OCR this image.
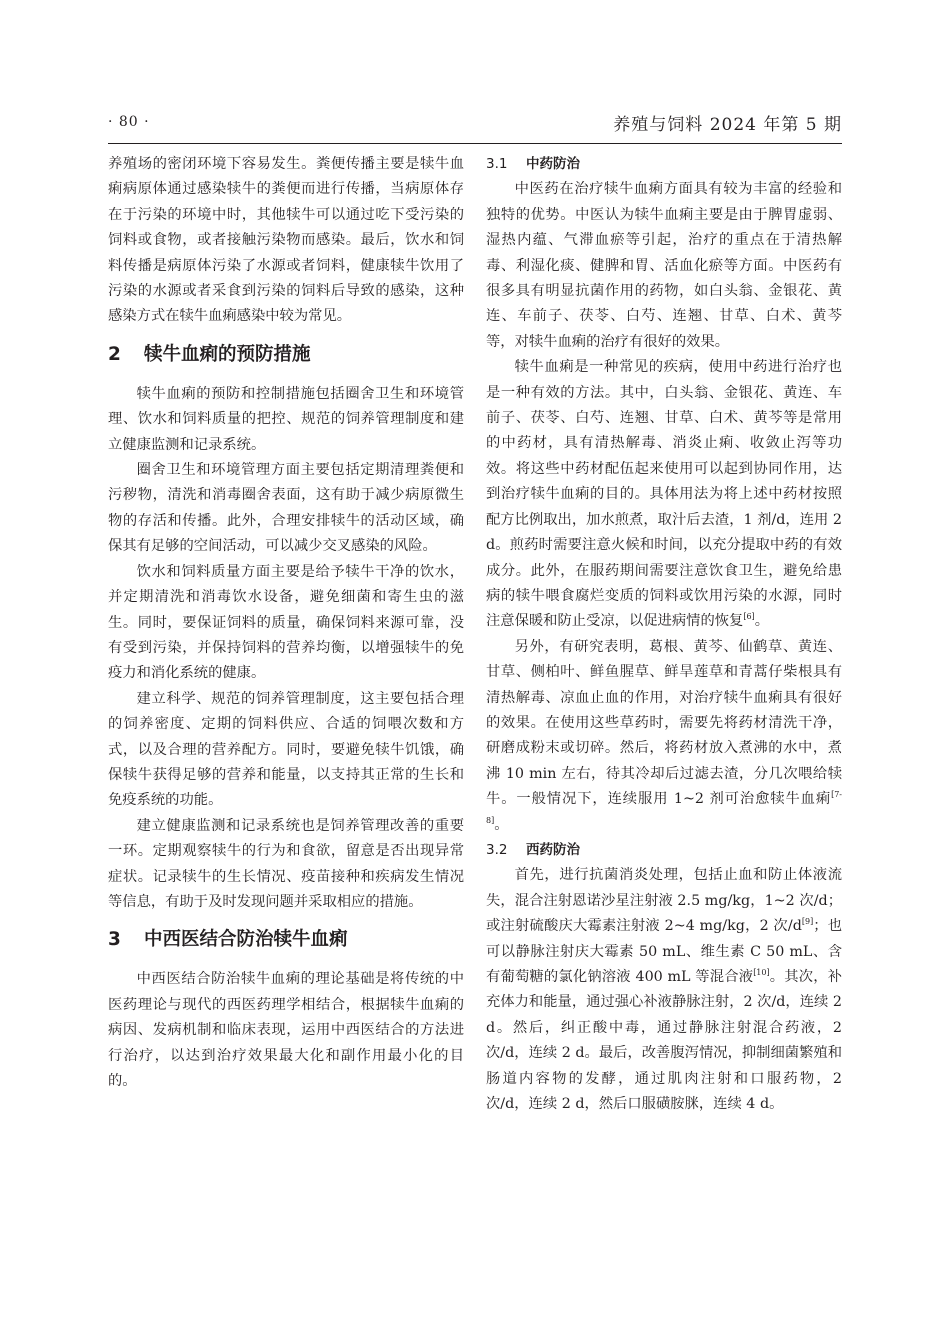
· 80 ·	养殖与饲料 2024 年第 5 期

养殖场的密闭环境下容易发生。粪便传播主要是犊牛血痢病原体通过感染犊牛的粪便而进行传播，当病原体存在于污染的环境中时，其他犊牛可以通过吃下受污染的饲料或食物，或者接触污染物而感染。最后，饮水和饲料传播是病原体污染了水源或者饲料，健康犊牛饮用了污染的水源或者采食到污染的饲料后导致的感染，这种感染方式在犊牛血痢感染中较为常见。

2 犊牛血痢的预防措施

犊牛血痢的预防和控制措施包括圈舍卫生和环境管理、饮水和饲料质量的把控、规范的饲养管理制度和建立健康监测和记录系统。

圈舍卫生和环境管理方面主要包括定期清理粪便和污秽物，清洗和消毒圈舍表面，这有助于减少病原微生物的存活和传播。此外，合理安排犊牛的活动区域，确保其有足够的空间活动，可以减少交叉感染的风险。

饮水和饲料质量方面主要是给予犊牛干净的饮水，并定期清洗和消毒饮水设备，避免细菌和寄生虫的滋生。同时，要保证饲料的质量，确保饲料来源可靠，没有受到污染，并保持饲料的营养均衡，以增强犊牛的免疫力和消化系统的健康。

建立科学、规范的饲养管理制度，这主要包括合理的饲养密度、定期的饲料供应、合适的饲喂次数和方式，以及合理的营养配方。同时，要避免犊牛饥饿，确保犊牛获得足够的营养和能量，以支持其正常的生长和免疫系统的功能。

建立健康监测和记录系统也是饲养管理改善的重要一环。定期观察犊牛的行为和食欲，留意是否出现异常症状。记录犊牛的生长情况、疫苗接种和疾病发生情况等信息，有助于及时发现问题并采取相应的措施。

3 中西医结合防治犊牛血痢

中西医结合防治犊牛血痢的理论基础是将传统的中医药理论与现代的西医药理学相结合，根据犊牛血痢的病因、发病机制和临床表现，运用中西医结合的方法进行治疗，以达到治疗效果最大化和副作用最小化的目的。

3.1 中药防治

中医药在治疗犊牛血痢方面具有较为丰富的经验和独特的优势。中医认为犊牛血痢主要是由于脾胃虚弱、湿热内蕴、气滞血瘀等引起，治疗的重点在于清热解毒、利湿化痰、健脾和胃、活血化瘀等方面。中医药有很多具有明显抗菌作用的药物，如白头翁、金银花、黄连、车前子、茯苓、白芍、连翘、甘草、白术、黄芩等，对犊牛血痢的治疗有很好的效果。

犊牛血痢是一种常见的疾病，使用中药进行治疗也是一种有效的方法。其中，白头翁、金银花、黄连、车前子、茯苓、白芍、连翘、甘草、白术、黄芩等是常用的中药材，具有清热解毒、消炎止痢、收敛止泻等功效。将这些中药材配伍起来使用可以起到协同作用，达到治疗犊牛血痢的目的。具体用法为将上述中药材按照配方比例取出，加水煎煮，取汁后去渣，1 剂/d，连用 2 d。煎药时需要注意火候和时间，以充分提取中药的有效成分。此外，在服药期间需要注意饮食卫生，避免给患病的犊牛喂食腐烂变质的饲料或饮用污染的水源，同时注意保暖和防止受凉，以促进病情的恢复[6]。

另外，有研究表明，葛根、黄芩、仙鹤草、黄连、甘草、侧柏叶、鲜鱼腥草、鲜旱莲草和青蒿仔柴根具有清热解毒、凉血止血的作用，对治疗犊牛血痢具有很好的效果。在使用这些草药时，需要先将药材清洗干净，研磨成粉末或切碎。然后，将药材放入煮沸的水中，煮沸 10 min 左右，待其冷却后过滤去渣，分几次喂给犊牛。一般情况下，连续服用 1~2 剂可治愈犊牛血痢[7-8]。

3.2 西药防治

首先，进行抗菌消炎处理，包括止血和防止体液流失，混合注射恩诺沙星注射液 2.5 mg/kg，1~2 次/d；或注射硫酸庆大霉素注射液 2~4 mg/kg，2 次/d[9]；也可以静脉注射庆大霉素 50 mL、维生素 C 50 mL、含有葡萄糖的氯化钠溶液 400 mL 等混合液[10]。其次，补充体力和能量，通过强心补液静脉注射，2 次/d，连续 2 d。然后，纠正酸中毒，通过静脉注射混合药液，2 次/d，连续 2 d。最后，改善腹泻情况，抑制细菌繁殖和肠道内容物的发酵，通过肌肉注射和口服药物，2 次/d，连续 2 d，然后口服磺胺脒，连续 4 d。
